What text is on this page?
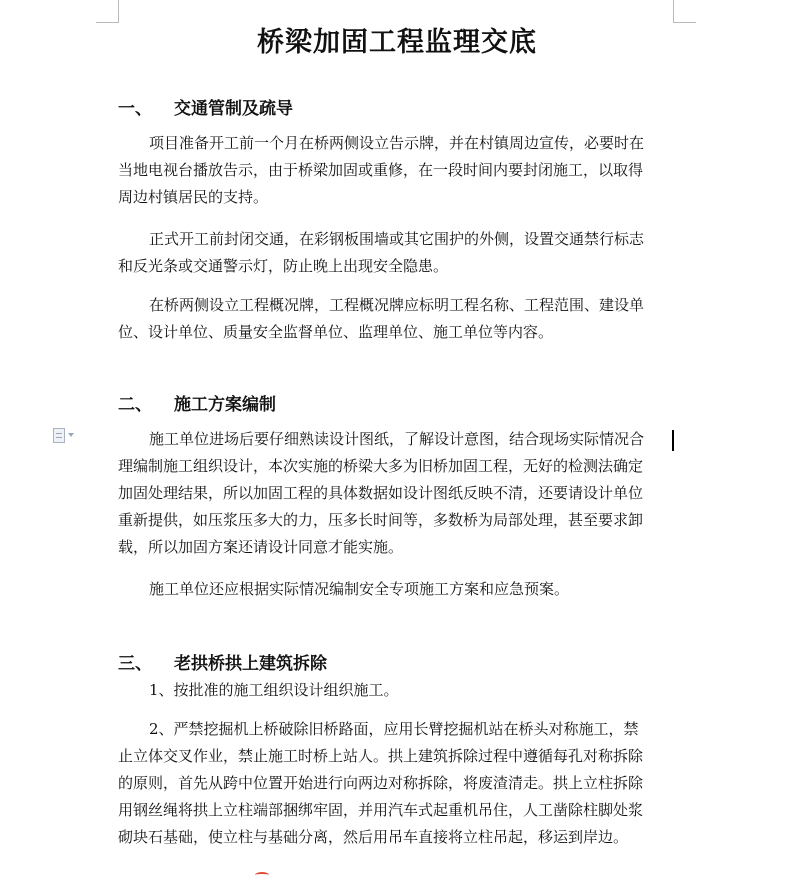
桥梁加固工程监理交底
一、 交通管制及疏导
项目准备开工前一个月在桥两侧设立告示牌，并在村镇周边宣传，必要时在
当地电视台播放告示，由于桥梁加固或重修，在一段时间内要封闭施工，以取得
周边村镇居民的支持。
正式开工前封闭交通，在彩钢板围墙或其它围护的外侧，设置交通禁行标志
和反光条或交通警示灯，防止晚上出现安全隐患。
在桥两侧设立工程概况牌，工程概况牌应标明工程名称、工程范围、建设单
位、设计单位、质量安全监督单位、监理单位、施工单位等内容。
二、 施工方案编制
施工单位进场后要仔细熟读设计图纸，了解设计意图，结合现场实际情况合
理编制施工组织设计，本次实施的桥梁大多为旧桥加固工程，无好的检测法确定
加固处理结果，所以加固工程的具体数据如设计图纸反映不清，还要请设计单位
重新提供，如压浆压多大的力，压多长时间等，多数桥为局部处理，甚至要求卸
载，所以加固方案还请设计同意才能实施。
施工单位还应根据实际情况编制安全专项施工方案和应急预案。
三、 老拱桥拱上建筑拆除
1、按批准的施工组织设计组织施工。
2、严禁挖掘机上桥破除旧桥路面，应用长臂挖掘机站在桥头对称施工，禁
止立体交叉作业，禁止施工时桥上站人。拱上建筑拆除过程中遵循每孔对称拆除
的原则，首先从跨中位置开始进行向两边对称拆除，将废渣清走。拱上立柱拆除
用钢丝绳将拱上立柱端部捆绑牢固，并用汽车式起重机吊住，人工凿除柱脚处浆
砌块石基础，使立柱与基础分离，然后用吊车直接将立柱吊起，移运到岸边。
